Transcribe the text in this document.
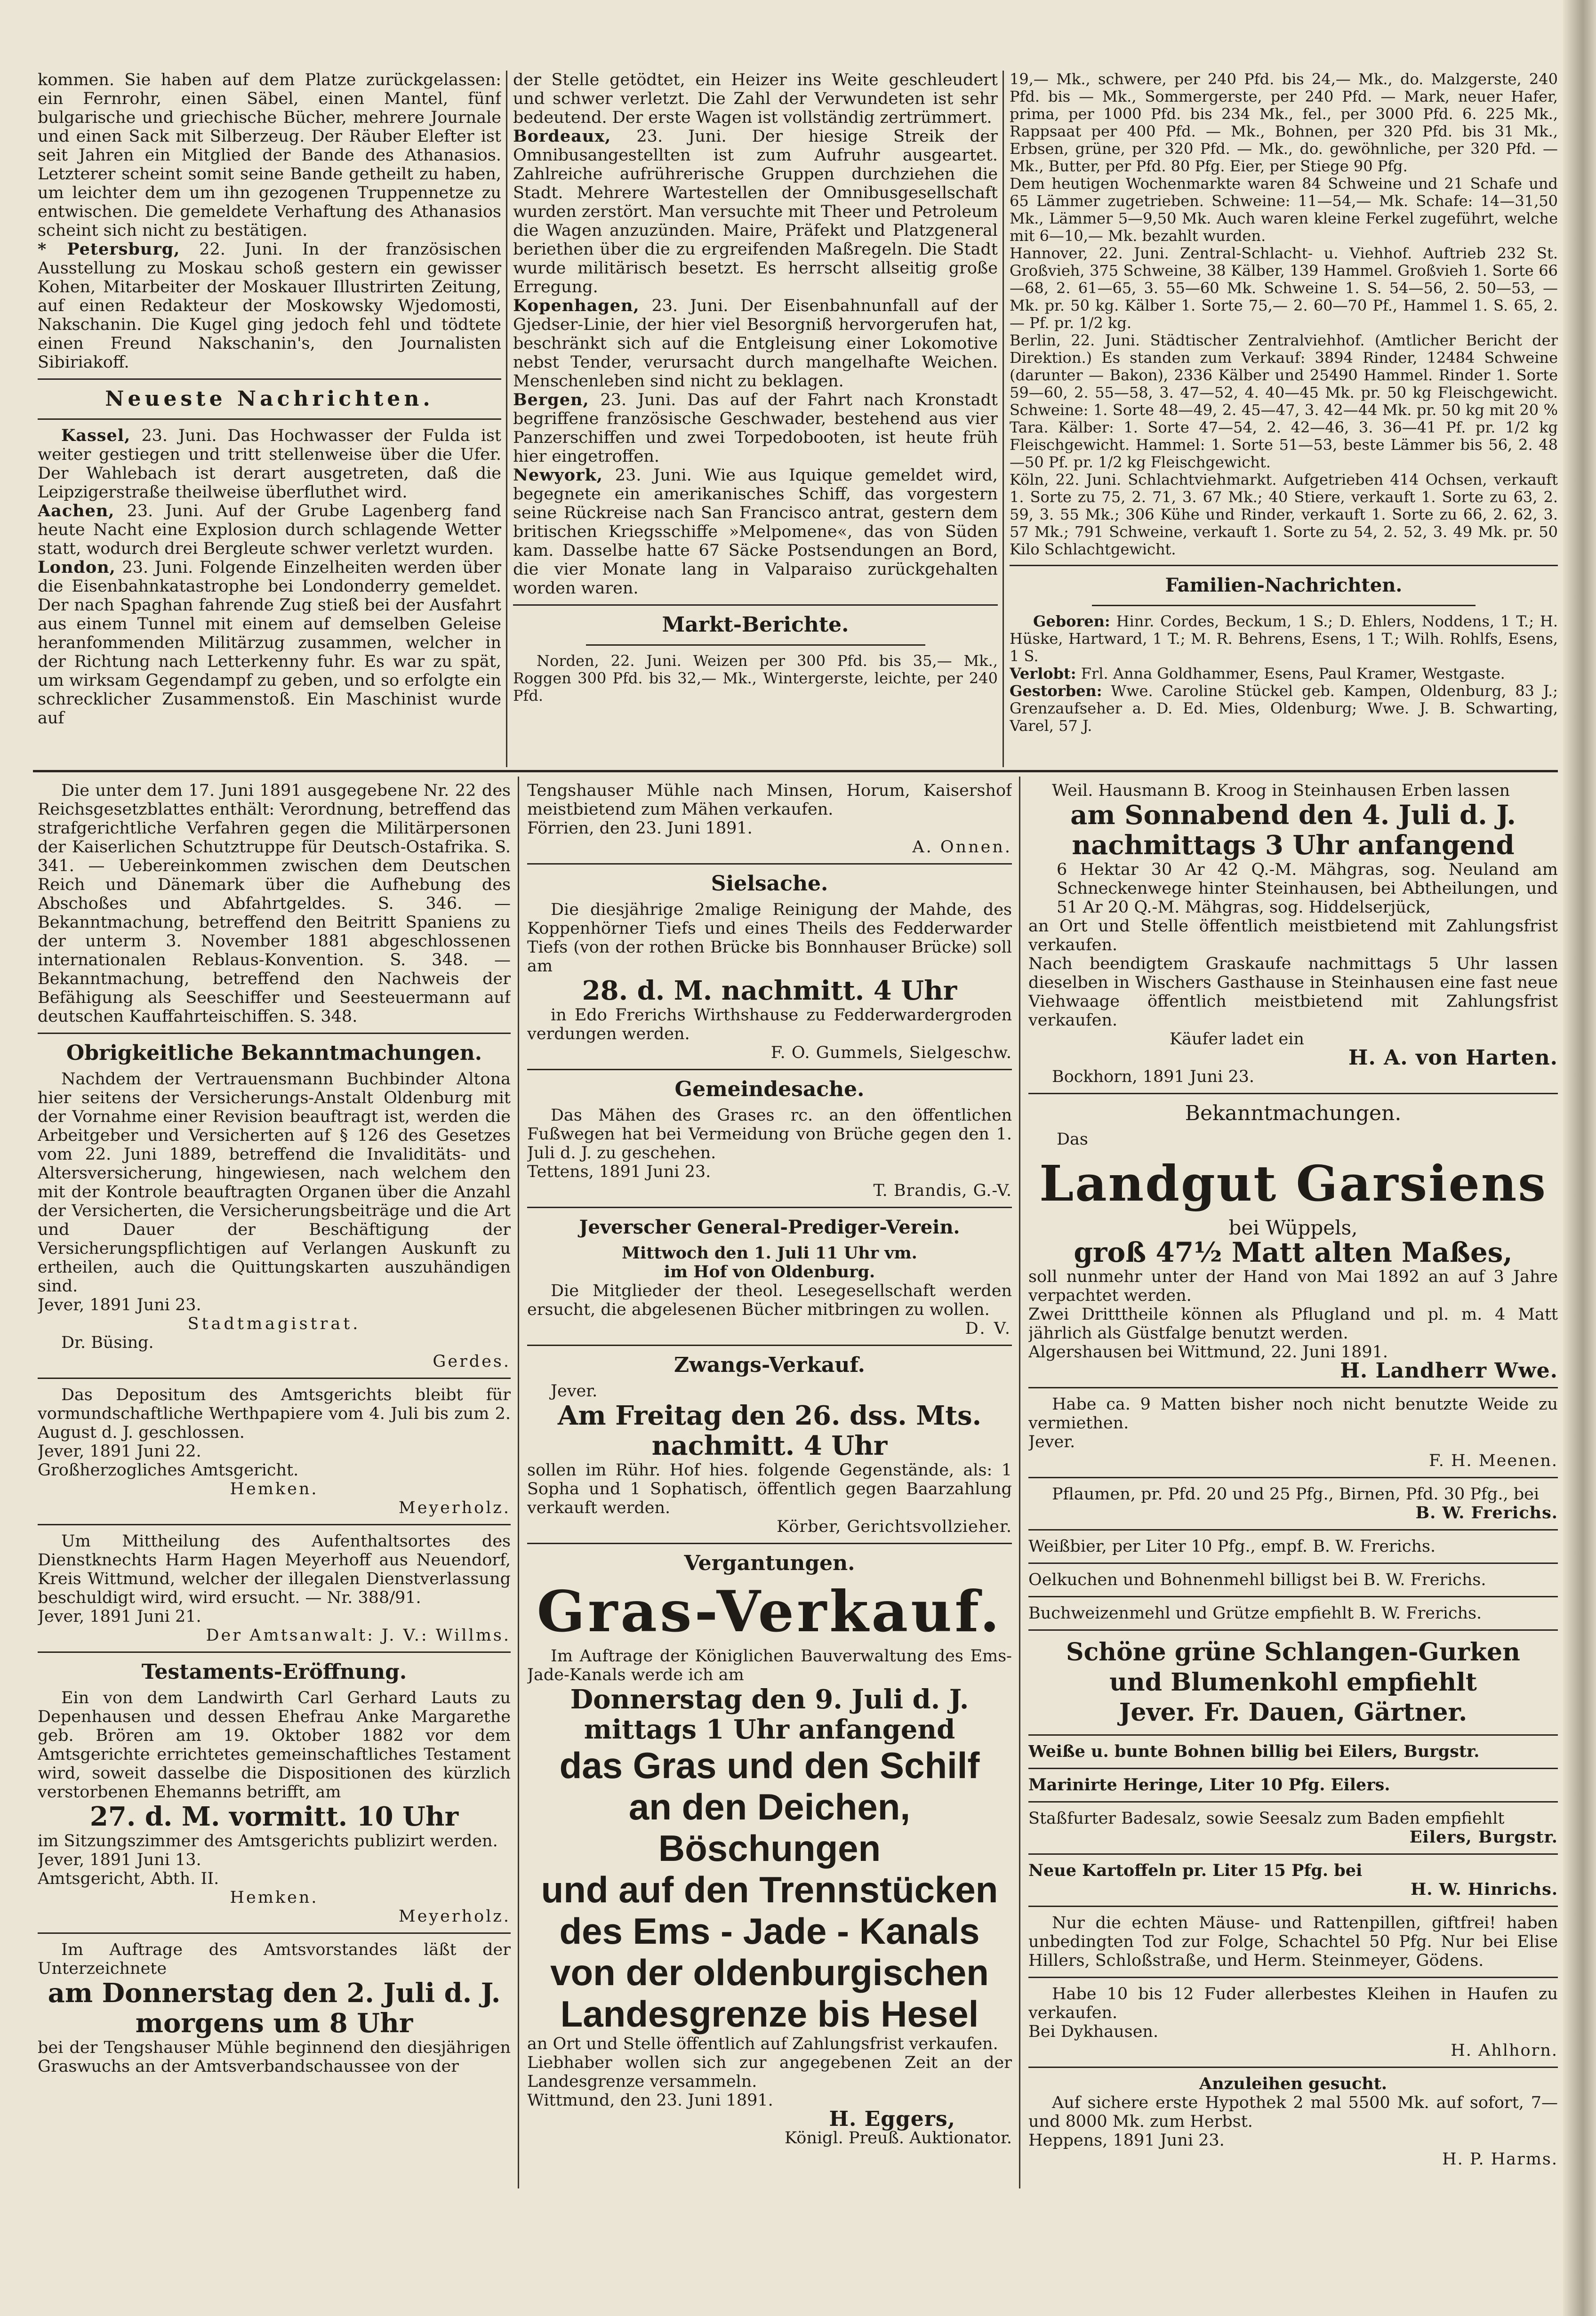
kommen. Sie haben auf dem Platze zurückgelassen: ein Fernrohr, einen Säbel, einen Mantel, fünf bulgarische und griechische Bücher, mehrere Journale und einen Sack mit Silberzeug. Der Räuber Elefter ist seit Jahren ein Mitglied der Bande des Athanasios. Letzterer scheint somit seine Bande getheilt zu haben, um leichter dem um ihn gezogenen Truppennetze zu entwischen. Die gemeldete Verhaftung des Athanasios scheint sich nicht zu bestätigen.

* Petersburg, 22. Juni. In der französischen Ausstellung zu Moskau schoß gestern ein gewisser Kohen, Mitarbeiter der Moskauer Illustrirten Zeitung, auf einen Redakteur der Moskowsky Wjedomosti, Nakschanin. Die Kugel ging jedoch fehl und tödtete einen Freund Nakschanin's, den Journalisten Sibiriakoff.

Neueste Nachrichten.

Kassel, 23. Juni. Das Hochwasser der Fulda ist weiter gestiegen und tritt stellenweise über die Ufer. Der Wahlebach ist derart ausgetreten, daß die Leipzigerstraße theilweise überfluthet wird.

Aachen, 23. Juni. Auf der Grube Lagenberg fand heute Nacht eine Explosion durch schlagende Wetter statt, wodurch drei Bergleute schwer verletzt wurden.

London, 23. Juni. Folgende Einzelheiten werden über die Eisenbahnkatastrophe bei Londonderry gemeldet. Der nach Spaghan fahrende Zug stieß bei der Ausfahrt aus einem Tunnel mit einem auf demselben Geleise heranfommenden Militärzug zusammen, welcher in der Richtung nach Letterkenny fuhr. Es war zu spät, um wirksam Gegendampf zu geben, und so erfolgte ein schrecklicher Zusammenstoß. Ein Maschinist wurde auf

der Stelle getödtet, ein Heizer ins Weite geschleudert und schwer verletzt. Die Zahl der Verwundeten ist sehr bedeutend. Der erste Wagen ist vollständig zertrümmert.

Bordeaux, 23. Juni. Der hiesige Streik der Omnibusangestellten ist zum Aufruhr ausgeartet. Zahlreiche aufrührerische Gruppen durchziehen die Stadt. Mehrere Wartestellen der Omnibusgesellschaft wurden zerstört. Man versuchte mit Theer und Petroleum die Wagen anzuzünden. Maire, Präfekt und Platzgeneral beriethen über die zu ergreifenden Maßregeln. Die Stadt wurde militärisch besetzt. Es herrscht allseitig große Erregung.

Kopenhagen, 23. Juni. Der Eisenbahnunfall auf der Gjedser-Linie, der hier viel Besorgniß hervorgerufen hat, beschränkt sich auf die Entgleisung einer Lokomotive nebst Tender, verursacht durch mangelhafte Weichen. Menschenleben sind nicht zu beklagen.

Bergen, 23. Juni. Das auf der Fahrt nach Kronstadt begriffene französische Geschwader, bestehend aus vier Panzerschiffen und zwei Torpedobooten, ist heute früh hier eingetroffen.

Newyork, 23. Juni. Wie aus Iquique gemeldet wird, begegnete ein amerikanisches Schiff, das vorgestern seine Rückreise nach San Francisco antrat, gestern dem britischen Kriegsschiffe »Melpomene«, das von Süden kam. Dasselbe hatte 67 Säcke Postsendungen an Bord, die vier Monate lang in Valparaiso zurückgehalten worden waren.

Markt-Berichte.

Norden, 22. Juni. Weizen per 300 Pfd. bis 35,— Mk., Roggen 300 Pfd. bis 32,— Mk., Wintergerste, leichte, per 240 Pfd.

19,— Mk., schwere, per 240 Pfd. bis 24,— Mk., do. Malzgerste, 240 Pfd. bis — Mk., Sommergerste, per 240 Pfd. — Mark, neuer Hafer, prima, per 1000 Pfd. bis 234 Mk., fel., per 3000 Pfd. 6. 225 Mk., Rappsaat per 400 Pfd. — Mk., Bohnen, per 320 Pfd. bis 31 Mk., Erbsen, grüne, per 320 Pfd. — Mk., do. gewöhnliche, per 320 Pfd. — Mk., Butter, per Pfd. 80 Pfg. Eier, per Stiege 90 Pfg.

Dem heutigen Wochenmarkte waren 84 Schweine und 21 Schafe und 65 Lämmer zugetrieben. Schweine: 11—54,— Mk. Schafe: 14—31,50 Mk., Lämmer 5—9,50 Mk. Auch waren kleine Ferkel zugeführt, welche mit 6—10,— Mk. bezahlt wurden.

Hannover, 22. Juni. Zentral-Schlacht- u. Viehhof. Auftrieb 232 St. Großvieh, 375 Schweine, 38 Kälber, 139 Hammel. Großvieh 1. Sorte 66—68, 2. 61—65, 3. 55—60 Mk. Schweine 1. S. 54—56, 2. 50—53, — Mk. pr. 50 kg. Kälber 1. Sorte 75,— 2. 60—70 Pf., Hammel 1. S. 65, 2. — Pf. pr. 1/2 kg.

Berlin, 22. Juni. Städtischer Zentralviehhof. (Amtlicher Bericht der Direktion.) Es standen zum Verkauf: 3894 Rinder, 12484 Schweine (darunter — Bakon), 2336 Kälber und 25490 Hammel. Rinder 1. Sorte 59—60, 2. 55—58, 3. 47—52, 4. 40—45 Mk. pr. 50 kg Fleischgewicht. Schweine: 1. Sorte 48—49, 2. 45—47, 3. 42—44 Mk. pr. 50 kg mit 20 % Tara. Kälber: 1. Sorte 47—54, 2. 42—46, 3. 36—41 Pf. pr. 1/2 kg Fleischgewicht. Hammel: 1. Sorte 51—53, beste Lämmer bis 56, 2. 48—50 Pf. pr. 1/2 kg Fleischgewicht.

Köln, 22. Juni. Schlachtviehmarkt. Aufgetrieben 414 Ochsen, verkauft 1. Sorte zu 75, 2. 71, 3. 67 Mk.; 40 Stiere, verkauft 1. Sorte zu 63, 2. 59, 3. 55 Mk.; 306 Kühe und Rinder, verkauft 1. Sorte zu 66, 2. 62, 3. 57 Mk.; 791 Schweine, verkauft 1. Sorte zu 54, 2. 52, 3. 49 Mk. pr. 50 Kilo Schlachtgewicht.

Familien-Nachrichten.

Geboren: Hinr. Cordes, Beckum, 1 S.; D. Ehlers, Noddens, 1 T.; H. Hüske, Hartward, 1 T.; M. R. Behrens, Esens, 1 T.; Wilh. Rohlfs, Esens, 1 S.

Verlobt: Frl. Anna Goldhammer, Esens, Paul Kramer, Westgaste.

Gestorben: Wwe. Caroline Stückel geb. Kampen, Oldenburg, 83 J.; Grenzaufseher a. D. Ed. Mies, Oldenburg; Wwe. J. B. Schwarting, Varel, 57 J.

Die unter dem 17. Juni 1891 ausgegebene Nr. 22 des Reichsgesetzblattes enthält: Verordnung, betreffend das strafgerichtliche Verfahren gegen die Militärpersonen der Kaiserlichen Schutztruppe für Deutsch-Ostafrika. S. 341. — Uebereinkommen zwischen dem Deutschen Reich und Dänemark über die Aufhebung des Abschoßes und Abfahrtgeldes. S. 346. — Bekanntmachung, betreffend den Beitritt Spaniens zu der unterm 3. November 1881 abgeschlossenen internationalen Reblaus-Konvention. S. 348. — Bekanntmachung, betreffend den Nachweis der Befähigung als Seeschiffer und Seesteuermann auf deutschen Kauffahrteischiffen. S. 348.

Obrigkeitliche Bekanntmachungen.

Nachdem der Vertrauensmann Buchbinder Altona hier seitens der Versicherungs-Anstalt Oldenburg mit der Vornahme einer Revision beauftragt ist, werden die Arbeitgeber und Versicherten auf § 126 des Gesetzes vom 22. Juni 1889, betreffend die Invaliditäts- und Altersversicherung, hingewiesen, nach welchem den mit der Kontrole beauftragten Organen über die Anzahl der Versicherten, die Versicherungsbeiträge und die Art und Dauer der Beschäftigung der Versicherungspflichtigen auf Verlangen Auskunft zu ertheilen, auch die Quittungskarten auszuhändigen sind.

Jever, 1891 Juni 23.

Stadtmagistrat.

Dr. Büsing.

Gerdes.

Das Depositum des Amtsgerichts bleibt für vormundschaftliche Werthpapiere vom 4. Juli bis zum 2. August d. J. geschlossen.

Jever, 1891 Juni 22.

Großherzogliches Amtsgericht.

Hemken.

Meyerholz.

Um Mittheilung des Aufenthaltsortes des Dienstknechts Harm Hagen Meyerhoff aus Neuendorf, Kreis Wittmund, welcher der illegalen Dienstverlassung beschuldigt wird, wird ersucht. — Nr. 388/91.

Jever, 1891 Juni 21.

Der Amtsanwalt: J. V.: Willms.

Testaments-Eröffnung.

Ein von dem Landwirth Carl Gerhard Lauts zu Depenhausen und dessen Ehefrau Anke Margarethe geb. Brören am 19. Oktober 1882 vor dem Amtsgerichte errichtetes gemeinschaftliches Testament wird, soweit dasselbe die Dispositionen des kürzlich verstorbenen Ehemanns betrifft, am

27. d. M. vormitt. 10 Uhr

im Sitzungszimmer des Amtsgerichts publizirt werden.

Jever, 1891 Juni 13.

Amtsgericht, Abth. II.

Hemken.

Meyerholz.

Im Auftrage des Amtsvorstandes läßt der Unterzeichnete

am Donnerstag den 2. Juli d. J.

morgens um 8 Uhr

bei der Tengshauser Mühle beginnend den diesjährigen Graswuchs an der Amtsverbandschaussee von der

Tengshauser Mühle nach Minsen, Horum, Kaisershof meistbietend zum Mähen verkaufen.

Förrien, den 23. Juni 1891.

A. Onnen.

Sielsache.

Die diesjährige 2malige Reinigung der Mahde, des Koppenhörner Tiefs und eines Theils des Fedderwarder Tiefs (von der rothen Brücke bis Bonnhauser Brücke) soll am

28. d. M. nachmitt. 4 Uhr

in Edo Frerichs Wirthshause zu Fedderwardergroden verdungen werden.

F. O. Gummels, Sielgeschw.

Gemeindesache.

Das Mähen des Grases rc. an den öffentlichen Fußwegen hat bei Vermeidung von Brüche gegen den 1. Juli d. J. zu geschehen.

Tettens, 1891 Juni 23.

T. Brandis, G.-V.

Jeverscher General-Prediger-Verein.

Mittwoch den 1. Juli 11 Uhr vm.

im Hof von Oldenburg.

Die Mitglieder der theol. Lesegesellschaft werden ersucht, die abgelesenen Bücher mitbringen zu wollen.

D. V.

Zwangs-Verkauf.

Jever.

Am Freitag den 26. dss. Mts.

nachmitt. 4 Uhr

sollen im Rühr. Hof hies. folgende Gegenstände, als: 1 Sopha und 1 Sophatisch, öffentlich gegen Baarzahlung verkauft werden.

Körber, Gerichtsvollzieher.

Vergantungen.

Gras-Verkauf.

Im Auftrage der Königlichen Bauverwaltung des Ems-Jade-Kanals werde ich am

Donnerstag den 9. Juli d. J.

mittags 1 Uhr anfangend

das Gras und den Schilf

an den Deichen, Böschungen

und auf den Trennstücken

des Ems - Jade - Kanals

von der oldenburgischen

Landesgrenze bis Hesel

an Ort und Stelle öffentlich auf Zahlungsfrist verkaufen.

Liebhaber wollen sich zur angegebenen Zeit an der Landesgrenze versammeln.

Wittmund, den 23. Juni 1891.

H. Eggers,

Königl. Preuß. Auktionator.

Weil. Hausmann B. Kroog in Steinhausen Erben lassen

am Sonnabend den 4. Juli d. J.

nachmittags 3 Uhr anfangend

6 Hektar 30 Ar 42 Q.-M. Mähgras, sog. Neuland am Schneckenwege hinter Steinhausen, bei Abtheilungen, und 51 Ar 20 Q.-M. Mähgras, sog. Hiddelserjück,

an Ort und Stelle öffentlich meistbietend mit Zahlungsfrist verkaufen.

Nach beendigtem Graskaufe nachmittags 5 Uhr lassen dieselben in Wischers Gasthause in Steinhausen eine fast neue Viehwaage öffentlich meistbietend mit Zahlungsfrist verkaufen.

Käufer ladet ein

H. A. von Harten.

Bockhorn, 1891 Juni 23.

Bekanntmachungen.

Das

Landgut Garsiens

bei Wüppels,

groß 47½ Matt alten Maßes,

soll nunmehr unter der Hand von Mai 1892 an auf 3 Jahre verpachtet werden.

Zwei Dritttheile können als Pflugland und pl. m. 4 Matt jährlich als Güstfalge benutzt werden.

Algershausen bei Wittmund, 22. Juni 1891.

H. Landherr Wwe.

Habe ca. 9 Matten bisher noch nicht benutzte Weide zu vermiethen.

Jever.

F. H. Meenen.

Pflaumen, pr. Pfd. 20 und 25 Pfg., Birnen, Pfd. 30 Pfg., bei

B. W. Frerichs.

Weißbier, per Liter 10 Pfg., empf. B. W. Frerichs.

Oelkuchen und Bohnenmehl billigst bei B. W. Frerichs.

Buchweizenmehl und Grütze empfiehlt B. W. Frerichs.

Schöne grüne Schlangen-Gurken

und Blumenkohl empfiehlt

Jever. Fr. Dauen, Gärtner.

Weiße u. bunte Bohnen billig bei Eilers, Burgstr.

Marinirte Heringe, Liter 10 Pfg. Eilers.

Staßfurter Badesalz, sowie Seesalz zum Baden empfiehlt

Eilers, Burgstr.

Neue Kartoffeln pr. Liter 15 Pfg. bei

H. W. Hinrichs.

Nur die echten Mäuse- und Rattenpillen, giftfrei! haben unbedingten Tod zur Folge, Schachtel 50 Pfg. Nur bei Elise Hillers, Schloßstraße, und Herm. Steinmeyer, Gödens.

Habe 10 bis 12 Fuder allerbestes Kleihen in Haufen zu verkaufen.

Bei Dykhausen.

H. Ahlhorn.

Anzuleihen gesucht.

Auf sichere erste Hypothek 2 mal 5500 Mk. auf sofort, 7— und 8000 Mk. zum Herbst.

Heppens, 1891 Juni 23.

H. P. Harms.
